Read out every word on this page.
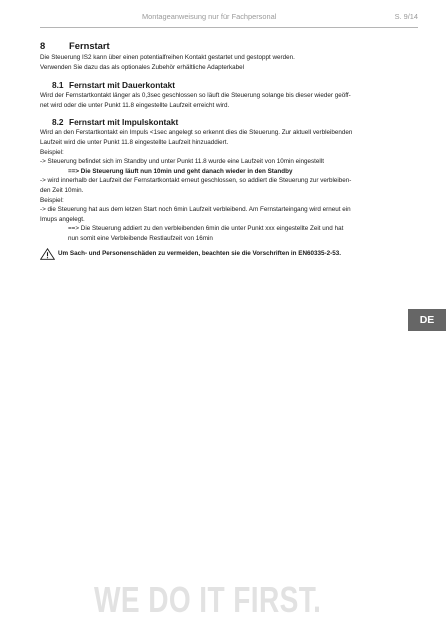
Montageanweisung nur für Fachpersonal	S. 9/14
8	Fernstart

Die Steuerung IS2 kann über einen potentialfreihen Kontakt gestartet und gestoppt werden.

Verwenden Sie dazu das als optionales Zubehör erhältliche Adapterkabel

8.1 Fernstart mit Dauerkontakt

Wird der Fernstartkontakt länger als 0,3sec geschlossen so läuft die Steuerung solange bis dieser wieder geöff-

net wird oder die unter Punkt 11.8 eingestellte Laufzeit erreicht wird.

8.2 Fernstart mit Impulskontakt

Wird an den Ferstartkontakt ein Impuls <1sec angelegt so erkennt dies die Steuerung. Zur aktuell verbleibenden

Laufzeit wird die unter Punkt 11.8 eingestellte Laufzeit hinzuaddiert.

Beispiel:

-> Steuerung befindet sich im Standby und unter Punkt 11.8 wurde eine Laufzeit von 10min eingestellt

==> Die Steuerung läuft nun 10min und geht danach wieder in den Standby

-> wird innerhalb der Laufzeit der Fernstartkontakt erneut geschlossen, so addiert die Steuerung zur verbleiben-

den Zeit 10min.

Beispiel:

-> die Steuerung hat aus dem letzen Start noch 6min Laufzeit verbleibend. Am Fernstarteingang wird erneut ein

Imups angelegt.

==> Die Steuerung addiert zu den verbleibenden 6min die unter Punkt xxx eingestellte Zeit und hat

nun somit eine Verbleibende Restlaufzeit von 16min

Um Sach- und Personenschäden zu vermeiden, beachten sie die Vorschriften in EN60335-2-53.
DE
WE DO IT FIRST.
